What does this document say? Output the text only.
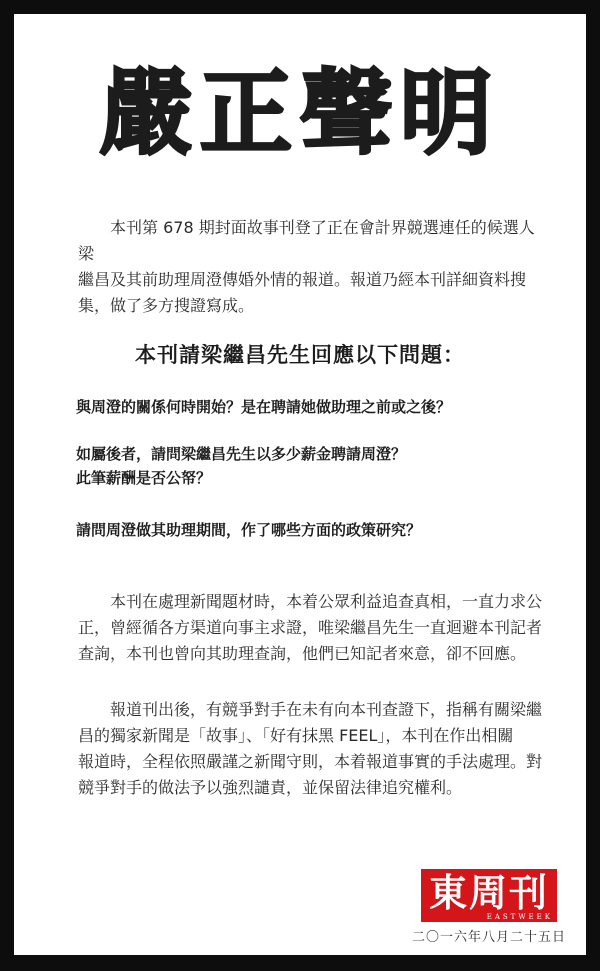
嚴正聲明

本刊第 678 期封面故事刊登了正在會計界競選連任的候選人梁
繼昌及其前助理周澄傳婚外情的報道。報道乃經本刊詳細資料搜
集，做了多方搜證寫成。

本刊請梁繼昌先生回應以下問題：

與周澄的關係何時開始？是在聘請她做助理之前或之後？

如屬後者，請問梁繼昌先生以多少薪金聘請周澄？
此筆薪酬是否公帑？

請問周澄做其助理期間，作了哪些方面的政策研究？

本刊在處理新聞題材時，本着公眾利益追查真相，一直力求公
正，曾經循各方渠道向事主求證，唯梁繼昌先生一直迴避本刊記者
查詢，本刊也曾向其助理查詢，他們已知記者來意，卻不回應。

報道刊出後，有競爭對手在未有向本刊查證下，指稱有關梁繼
昌的獨家新聞是「故事」、「好有抹黑 FEEL」，本刊在作出相關
報道時，全程依照嚴謹之新聞守則，本着報道事實的手法處理。對
競爭對手的做法予以強烈譴責，並保留法律追究權利。

東周刊
EASTWEEK
二〇一六年八月二十五日
